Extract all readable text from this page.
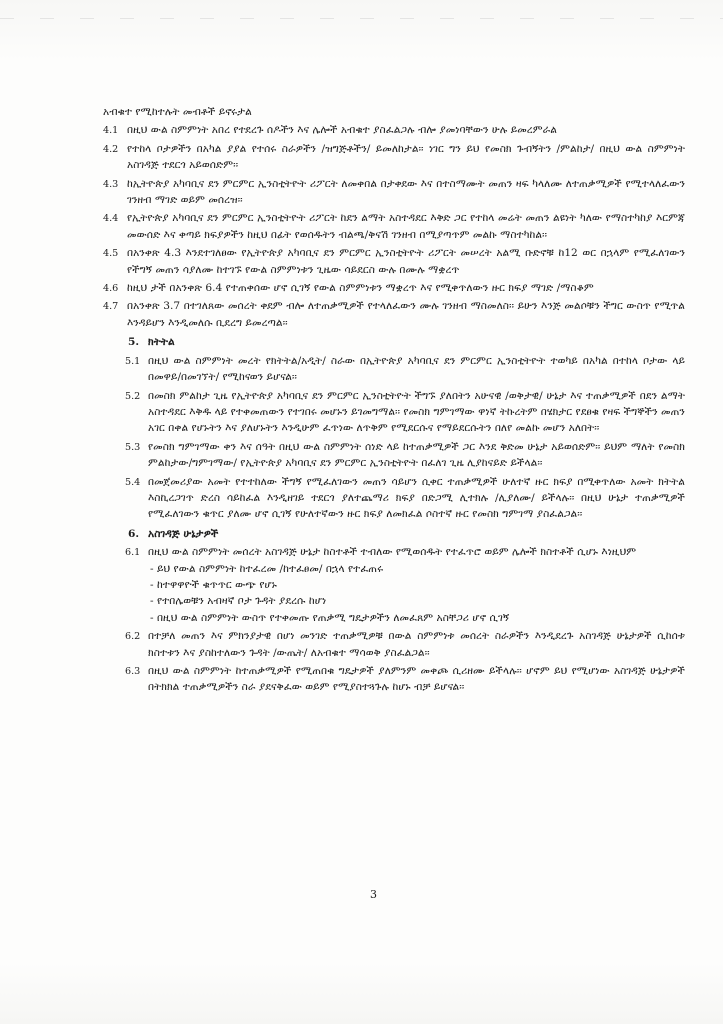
አብቁተ የሚከተሉት መብቶች ይኖሩታል

4.1 በዚህ ውል ስምምነት አበረ የተደረጉ ሰዶችን እና ሌሎች አብቁተ ያስፈልጋሉ ብሎ ያመነባቸውን ሁሉ ይመረምራል
4.2 የተከላ ቦታዎችን በአካል ያያል የተሰሩ ስራዎችን /ዝግጅቶችን/ ይመለከታል፡፡ ነገር ግን ይህ የመስክ ጉብኝትን /ምልከታ/ በዚህ ውል ስምምነት አስገዳጅ ተደርጎ አይወሰድም፡፡
4.3 ከኢትዮጵያ አካባቢና ደን ምርምር ኢንስቲትዮት ሪፖርት ለመቀበል በታቀደው እና በተስማሙት መጠን ዛፍ ካላለሙ ለተጠቃሚዎች የሚተላለፈውን ገንዘብ ማገድ ወይም መሰረዝ፡፡
4.4 የኢትዮጵያ አካባቢና ደን ምርምር ኢንስቲትዮት ሪፖርት ከደን ልማት አስተዳደር እቅድ ጋር የተከላ መሬት መጠን ልዩነት ካለው የማስተካከያ እርምጃ መውሰድ እና ቀጣይ ክፍያዎችን ከዚህ በፊት የወሰዱትን ብልጫ/ቅናሽ ገንዘብ በሚያጣጥም መልኩ ማስተካከል፡፡
4.5 በአንቀጽ 4.3 እንደተገለፀው የኢትዮጵያ አካባቢና ደን ምርምር ኢንስቲትዮት ሪፖርት መሠረት አልሚ ቡድኖቹ ከ12 ወር በኋላም የሚፈለገውን የችግኝ መጠን ሳያለሙ ከተገኙ የውል ስምምነቱን ጊዜው ሳይደርስ ውሉ በሙሉ ማቋረጥ
4.6 ከዚህ ታች በአንቀጽ 6.4 የተጠቀሰው ሆኖ ሲገኝ የውል ስምምነቱን ማቋረጥ እና የሚቀጥለውን ዙር ክፍያ ማገድ /ማስቆም
4.7 በአንቀጽ 3.7 በተገለጸው መሰረት ቀደም ብሎ ለተጠቃሚዎች የተላለፈውን ሙሉ ገንዘብ ማስመለስ፡፡ ይሁን እንጅ መልሶቹን ችግር ውስጥ የሚጥል እንዳይሆን እንዲመለሱ ቢደረግ ይመረጣል፡፡
5. ክትትል
5.1 በዚህ ውል ስምምነት መረት የክትትል/አዲት/ ስራው በኢትዮጵያ አካባቢና ደን ምርምር ኢንስቲትዮት ተወካይ በአካል በተከላ ቦታው ላይ በመዋይ/በመገኘት/ የሚከናወን ይሆናል፡፡
5.2 በመስክ ምልከታ ጊዜ የኢትዮጵያ አካባቢና ደን ምርምር ኢንስቲትዮት ችግኙ ያለበትን አሁናዊ /ወቅታዊ/ ሁኔታ እና ተጠቃሚዎች በደን ልማት አስተዳደር እቅዱ ላይ የተቀመጠውን የተገበሩ መሆኑን ይገመግማል፡፡ የመስክ ግምገማው ዋነኛ ትኩረትም በሄክታር የደፀቁ የዛፍ ችግኞችን መጠን አገር በቀል የሆኑትን እና ያለሆኑትን እንዲሁም ፈጥነው ለጥቅም የሚደርሱና የማይደርሱትን በለየ መልኩ መሆን አለበት፡፡
5.3 የመስክ ግምገማው ቀን እና ሰዓት በዚህ ውል ስምምነት ሰነድ ላይ ከተጠቃሚዎች ጋር እንደ ቅድመ ሁኔታ አይወሰድም፡፡ ይህም ማለት የመስክ ምልከታው/ግምገማው/ የኢትዮጵያ አካባቢና ደን ምርምር ኢንስቲትዮት በፈለገ ጊዜ ሊያከናይድ ይችላል፡፡
5.4 በመጀመሪያው አመት የተተከለው ችግኝ የሚፈለገውን መጠን ሳይሆን ሲቀር ተጠቃሚዎች ሁለተኛ ዙር ክፍያ በሚቀጥለው አመት ክትትል እስኪረጋገጥ ድረስ ሳይከፈል እንዲዘገይ ተደርጎ ያለተጨማሪ ክፍያ በድጋሚ ሊተክሉ /ሊያለሙ/ ይችላሉ፡፡ በዚህ ሁኔታ ተጠቃሚዎች የሚፈለገውን ቁጥር ያለሙ ሆኖ ሲገኝ የሁለተኛውን ዙር ክፍያ ለመክፈል ሶስተኛ ዙር የመስክ ግምገማ ያስፈልጋል፡፡
6. አስገዳጅ ሁኔታዎች
6.1 በዚህ ውል ስምምነት መሰረት አስገዳጅ ሁኔታ ከስተቶች ተብለው የሚወሰዱት የተፈጥሮ ወይም ሌሎች ክስተቶች ሲሆኑ እነዚህም
- ይህ የውል ስምምነት ከተፈረመ /ከተፈፀመ/ በኋላ የተፈጠሩ
- ከተዋዋዮች ቁጥጥር ውጭ የሆኑ
- የተበሌወቹን አብዛኛ ቦታ ጉዳት ያደረሱ ከሆነ
- በዚህ ውል ስምምነት ውስጥ የተቀመጡ የጠቃሚ ግዴታዎችን ለመፈጸም አስቸጋሪ ሆኖ ሲገኝ
6.2 በተቻለ መጠን እና ምክንያታዊ በሆነ መንገድ ተጠቃሚዎቹ በውል ስምምነቱ መሰረት ስራዎችን እንዲደረጉ አስገዳጅ ሁኔታዎች ሲከሰቱ ክስተቱን እና ያስከተለውን ጉዳት /ውጤት/ ለአብቁተ ማሳወቅ ያስፈልጋል፡፡
6.3 በዚህ ውል ስምምነት ከተጠቃሚዎች የሚጠበቁ ግዴታዎች ያለምንም መቀጮ ሲሪዘሙ ይችላሉ፡፡ ሆኖም ይህ የሚሆነው አስገዳጅ ሁኔታዎች በትክክል ተጠቃሚዎችን ስራ ያደናቅፈው ወይም የሚያስተጓጉሉ ከሆኑ ብቻ ይሆናል፡፡
3
